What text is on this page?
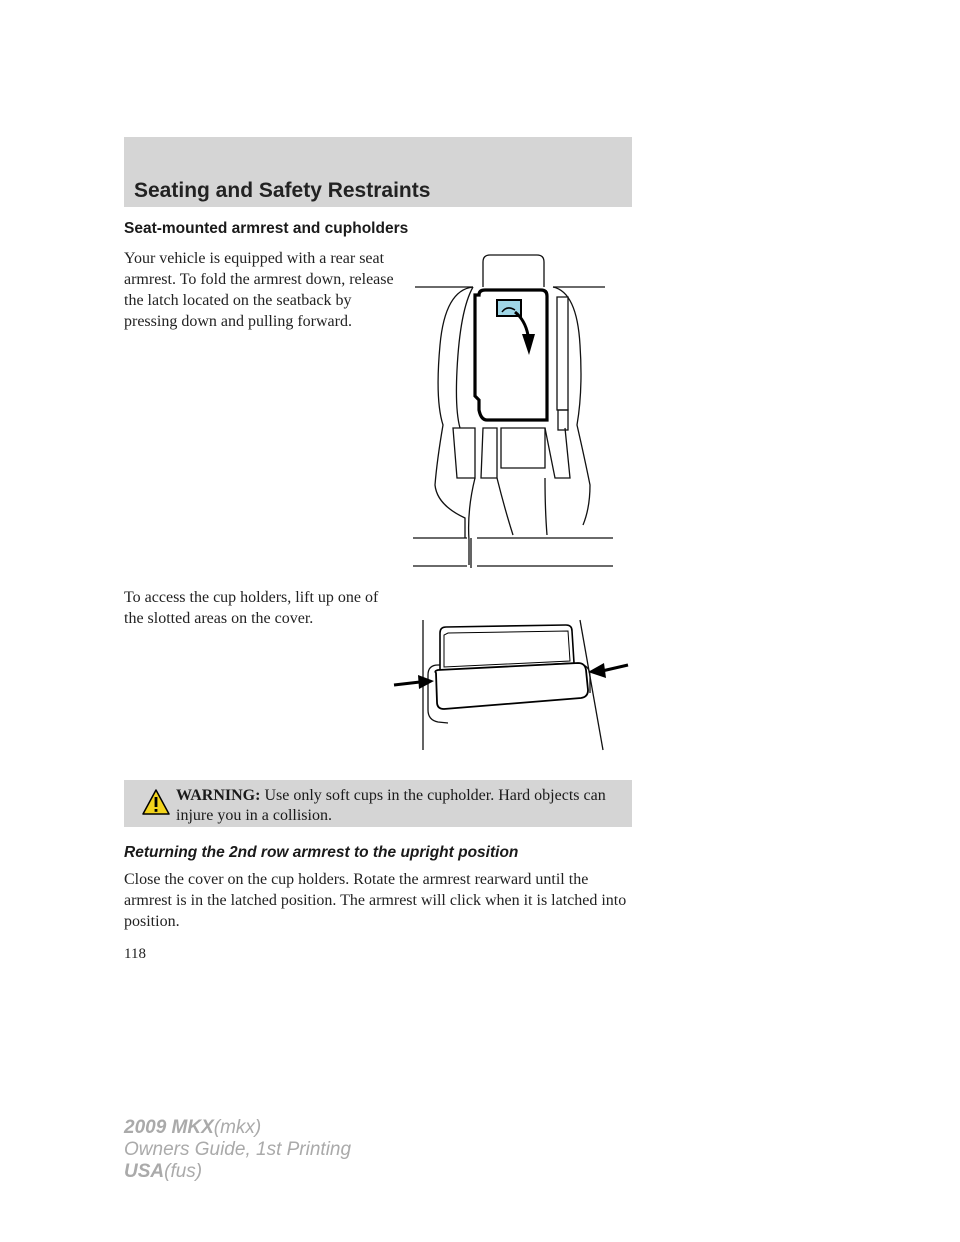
Seating and Safety Restraints
Seat-mounted armrest and cupholders
Your vehicle is equipped with a rear seat armrest. To fold the armrest down, release the latch located on the seatback by pressing down and pulling forward.
To access the cup holders, lift up one of the slotted areas on the cover.
WARNING: Use only soft cups in the cupholder. Hard objects can injure you in a collision.
Returning the 2nd row armrest to the upright position
Close the cover on the cup holders. Rotate the armrest rearward until the armrest is in the latched position. The armrest will click when it is latched into position.
118
2009 MKX(mkx)
Owners Guide, 1st Printing
USA(fus)
